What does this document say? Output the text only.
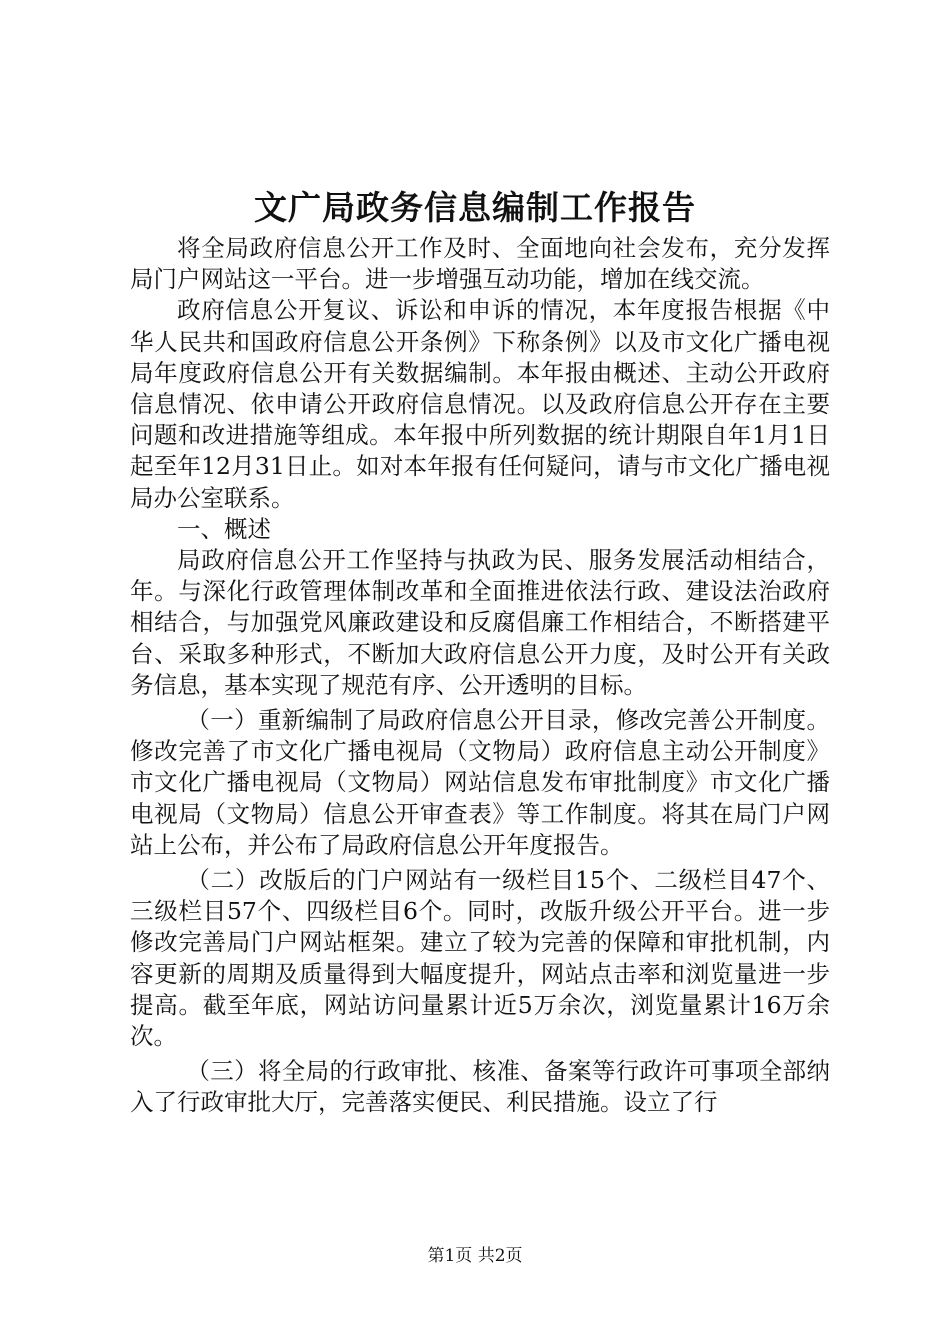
文广局政务信息编制工作报告

将全局政府信息公开工作及时、全面地向社会发布，充分发挥局门户网站这一平台。进一步增强互动功能，增加在线交流。

政府信息公开复议、诉讼和申诉的情况，本年度报告根据《中华人民共和国政府信息公开条例》下称条例》以及市文化广播电视局年度政府信息公开有关数据编制。本年报由概述、主动公开政府信息情况、依申请公开政府信息情况。以及政府信息公开存在主要问题和改进措施等组成。本年报中所列数据的统计期限自年1月1日起至年12月31日止。如对本年报有任何疑问，请与市文化广播电视局办公室联系。

一、概述

局政府信息公开工作坚持与执政为民、服务发展活动相结合，年。与深化行政管理体制改革和全面推进依法行政、建设法治政府相结合，与加强党风廉政建设和反腐倡廉工作相结合，不断搭建平台、采取多种形式，不断加大政府信息公开力度，及时公开有关政务信息，基本实现了规范有序、公开透明的目标。

（一）重新编制了局政府信息公开目录，修改完善公开制度。修改完善了市文化广播电视局（文物局）政府信息主动公开制度》市文化广播电视局（文物局）网站信息发布审批制度》市文化广播电视局（文物局）信息公开审查表》等工作制度。将其在局门户网站上公布，并公布了局政府信息公开年度报告。

（二）改版后的门户网站有一级栏目15个、二级栏目47个、三级栏目57个、四级栏目6个。同时，改版升级公开平台。进一步修改完善局门户网站框架。建立了较为完善的保障和审批机制，内容更新的周期及质量得到大幅度提升，网站点击率和浏览量进一步提高。截至年底，网站访问量累计近5万余次，浏览量累计16万余次。

（三）将全局的行政审批、核准、备案等行政许可事项全部纳入了行政审批大厅，完善落实便民、利民措施。设立了行

第1页 共2页
